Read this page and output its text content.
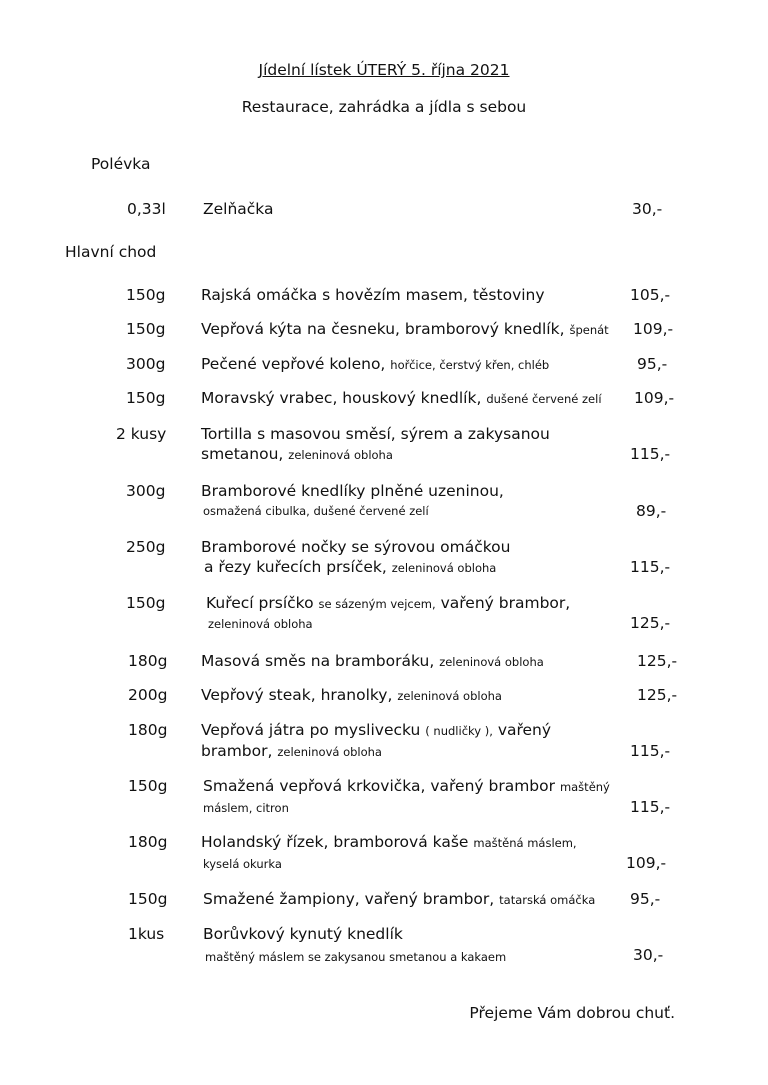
Jídelní lístek ÚTERÝ 5. října 2021
Restaurace, zahrádka a jídla s sebou
Polévka
0,33l Zelňačka	30,-
Hlavní chod
150g Rajská omáčka s hovězím masem, těstoviny	105,-
150g Vepřová kýta na česneku, bramborový knedlík, špenát 109,-
300g Pečené vepřové koleno, hořčice, čerstvý křen, chléb	95,-
150g Moravský vrabec, houskový knedlík, dušené červené zelí 109,-
2 kusy Tortilla s masovou směsí, sýrem a zakysanou
smetanou, zeleninová obloha	115,-
300g Bramborové knedlíky plněné uzeninou,
osmažená cibulka, dušené červené zelí	89,-
250g Bramborové nočky se sýrovou omáčkou
a řezy kuřecích prsíček, zeleninová obloha	115,-
150g	Kuřecí prsíčko se sázeným vejcem, vařený brambor,
zeleninová obloha	125,-
180g Masová směs na bramboráku, zeleninová obloha	125,-
200g Vepřový steak, hranolky, zeleninová obloha	125,-
180g Vepřová játra po myslivecku ( nudličky ), vařený
brambor, zeleninová obloha	115,-
150g Smažená vepřová krkovička, vařený brambor maštěný
máslem, citron	115,-
180g Holandský řízek, bramborová kaše maštěná máslem,
kyselá okurka	109,-
150g Smažené žampiony, vařený brambor, tatarská omáčka 95,-
1kus Borůvkový kynutý knedlík
maštěný máslem se zakysanou smetanou a kakaem	30,-
Přejeme Vám dobrou chuť.
